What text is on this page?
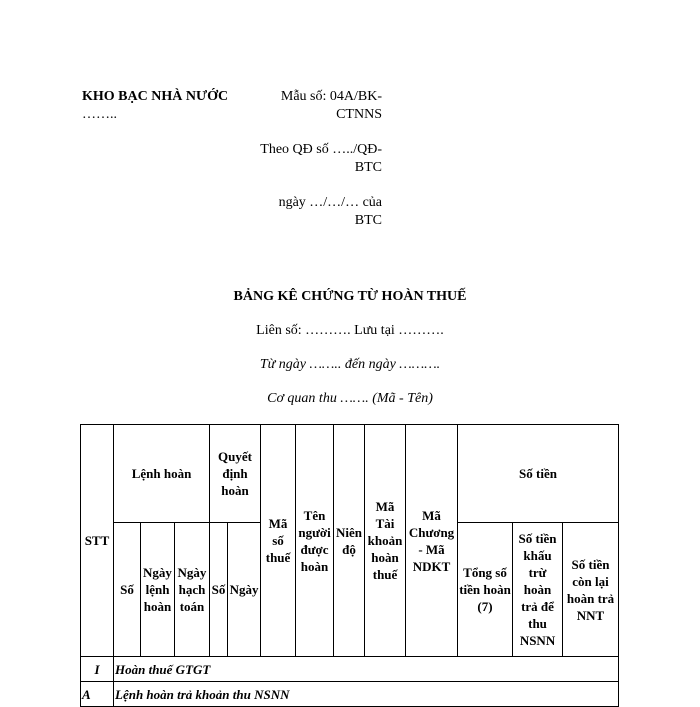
KHO BẠC NHÀ NƯỚC
……..
Mẫu số: 04A/BK-
CTNNS
Theo QĐ số …../QĐ-
BTC
ngày …/…/… của
BTC
BẢNG KÊ CHỨNG TỪ HOÀN THUẾ
Liên số: ………. Lưu tại ……….
Từ ngày …….. đến ngày ……….
Cơ quan thu ……. (Mã - Tên)
STT	Lệnh hoàn			Quyết định hoàn		Mã số thuế	Tên người được hoàn	Niên độ	Mã Tài khoản hoàn thuế	Mã Chương - Mã NDKT	Số tiền		
	Số	Ngày lệnh hoàn	Ngày hạch toán	Số	Ngày						Tổng số tiền hoàn (7)	Số tiền khấu trừ hoàn trả để thu NSNN	Số tiền còn lại hoàn trả NNT
I	Hoàn thuế GTGT												
A	Lệnh hoàn trả khoản thu NSNN												
